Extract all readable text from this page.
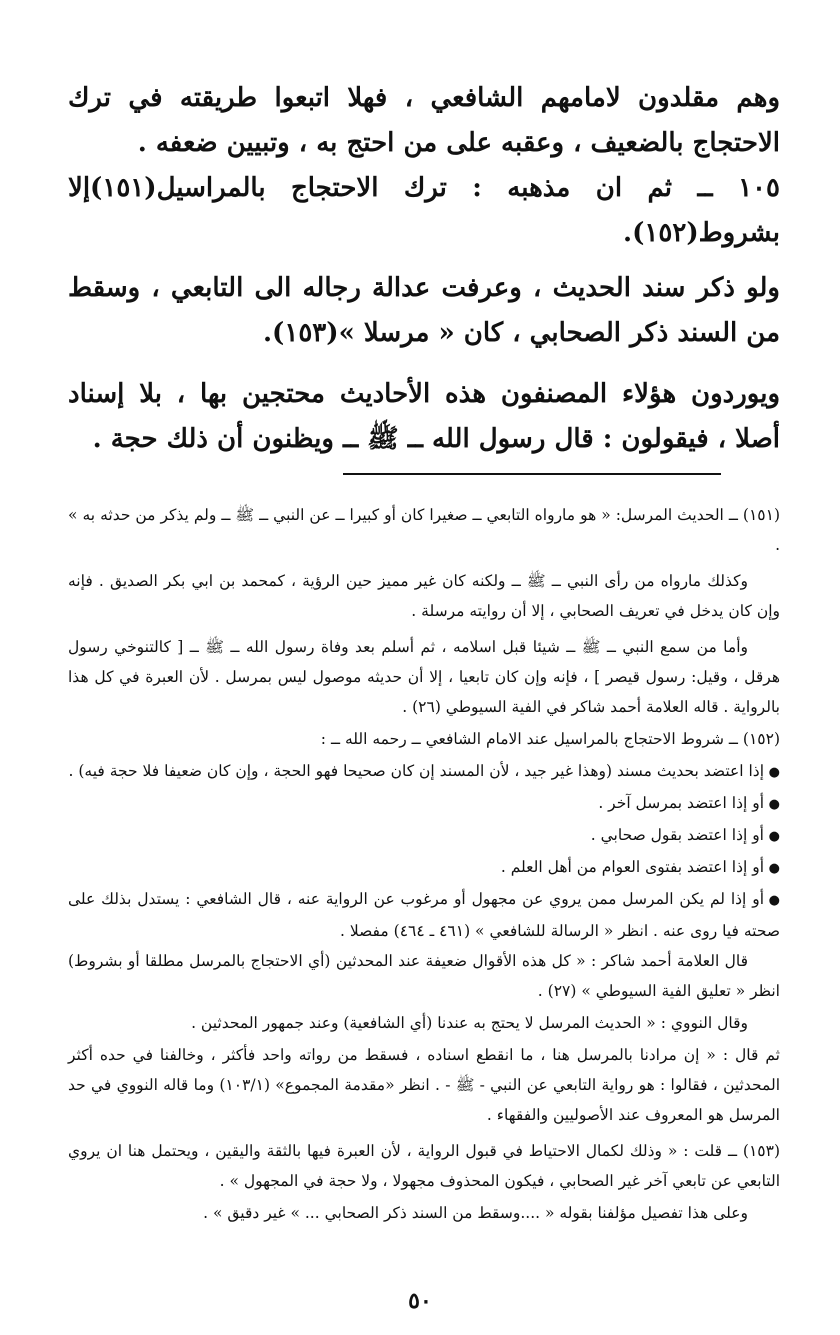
وهم مقلدون لامامهم الشافعي ، فهلا اتبعوا طريقته في ترك الاحتجاج بالضعيف ، وعقبه على من احتج به ، وتبيين ضعفه .

١٠٥ ــ ثم ان مذهبه : ترك الاحتجاج بالمراسيل(١٥١)إلا بشروط(١٥٢).

ولو ذكر سند الحديث ، وعرفت عدالة رجاله الى التابعي ، وسقط من السند ذكر الصحابي ، كان « مرسلا »(١٥٣).

ويوردون هؤلاء المصنفون هذه الأحاديث محتجين بها ، بلا إسناد أصلا ، فيقولون : قال رسول الله ــ ﷺ ــ ويظنون أن ذلك حجة .

(١٥١) ــ الحديث المرسل: « هو مارواه التابعي ــ صغيرا كان أو كبيرا ــ عن النبي ــ ﷺ ــ ولم يذكر من حدثه به » .

وكذلك مارواه من رأى النبي ــ ﷺ ــ ولكنه كان غير مميز حين الرؤية ، كمحمد بن ابي بكر الصديق . فإنه وإن كان يدخل في تعريف الصحابي ، إلا أن روايته مرسلة .

وأما من سمع النبي ــ ﷺ ــ شيئا قبل اسلامه ، ثم أسلم بعد وفاة رسول الله ــ ﷺ ــ [ كالتنوخي رسول هرقل ، وقيل: رسول قيصر ] ، فإنه وإن كان تابعيا ، إلا أن حديثه موصول ليس بمرسل . لأن العبرة في كل هذا بالرواية . قاله العلامة أحمد شاكر في الفية السيوطي (٢٦) .

(١٥٢) ــ شروط الاحتجاج بالمراسيل عند الامام الشافعي ــ رحمه الله ــ :

●إذا اعتضد بحديث مسند (وهذا غير جيد ، لأن المسند إن كان صحيحا فهو الحجة ، وإن كان ضعيفا فلا حجة فيه) .
●أو إذا اعتضد بمرسل آخر .
●أو إذا اعتضد بقول صحابي .
●أو إذا اعتضد بفتوى العوام من أهل العلم .
●أو إذا لم يكن المرسل ممن يروي عن مجهول أو مرغوب عن الرواية عنه ، قال الشافعي : يستدل بذلك على صحته فيا روى عنه . انظر « الرسالة للشافعي » (٤٦١ ـ ٤٦٤) مفصلا .

قال العلامة أحمد شاكر : « كل هذه الأقوال ضعيفة عند المحدثين (أي الاحتجاج بالمرسل مطلقا أو بشروط) انظر « تعليق الفية السيوطي » (٢٧) .

وقال النووي : « الحديث المرسل لا يحتج به عندنا (أي الشافعية) وعند جمهور المحدثين .

ثم قال : « إن مرادنا بالمرسل هنا ، ما انقطع اسناده ، فسقط من رواته واحد فأكثر ، وخالفنا في حده أكثر المحدثين ، فقالوا : هو رواية التابعي عن النبي - ﷺ - . انظر «مقدمة المجموع» (١٠٣/١) وما قاله النووي في حد المرسل هو المعروف عند الأصوليين والفقهاء .

(١٥٣) ــ قلت : « وذلك لكمال الاحتياط في قبول الرواية ، لأن العبرة فيها بالثقة واليقين ، ويحتمل هنا ان يروي التابعي عن تابعي آخر غير الصحابي ، فيكون المحذوف مجهولا ، ولا حجة في المجهول » .

وعلى هذا تفصيل مؤلفنا بقوله « ....وسقط من السند ذكر الصحابي ... » غير دقيق » .

٥٠
